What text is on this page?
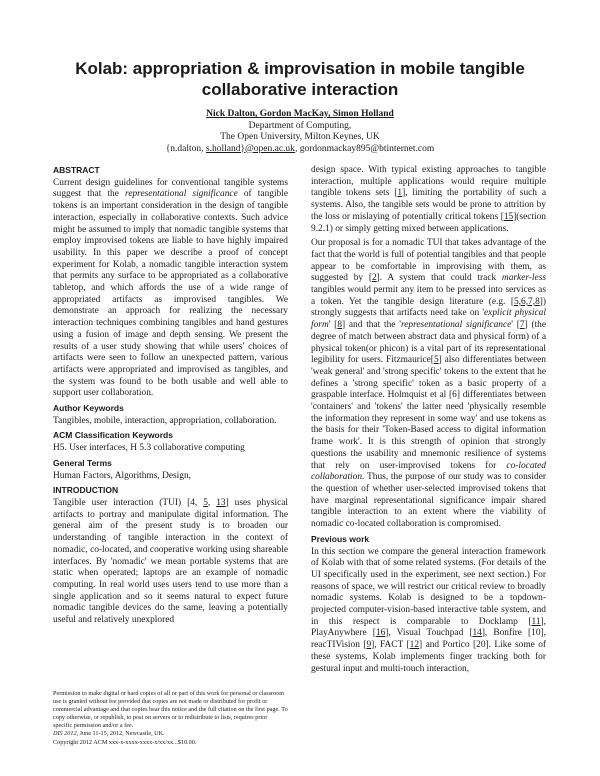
Kolab: appropriation & improvisation in mobile tangible collaborative interaction
Nick Dalton, Gordon MacKay, Simon Holland
Department of Computing,
The Open University, Milton Keynes, UK
{n.dalton, s.holland}@open.ac.uk, gordonmackay895@btinternet.com
ABSTRACT

Current design guidelines for conventional tangible systems suggest that the representational significance of tangible tokens is an important consideration in the design of tangible interaction, especially in collaborative contexts. Such advice might be assumed to imply that nomadic tangible systems that employ improvised tokens are liable to have highly impaired usability. In this paper we describe a proof of concept experiment for Kolab, a nomadic tangible interaction system that permits any surface to be appropriated as a collaborative tabletop, and which affords the use of a wide range of appropriated artifacts as improvised tangibles. We demonstrate an approach for realizing the necessary interaction techniques combining tangibles and hand gestures using a fusion of image and depth sensing. We present the results of a user study showing that while users' choices of artifacts were seen to follow an unexpected pattern, various artifacts were appropriated and improvised as tangibles, and the system was found to be both usable and well able to support user collaboration.

Author Keywords

Tangibles, mobile, interaction, appropriation, collaboration.

ACM Classification Keywords

H5. User interfaces, H 5.3 collaborative computing

General Terms

Human Factors, Algorithms, Design,

INTRODUCTION

Tangible user interaction (TUI) [4, 5, 13] uses physical artifacts to portray and manipulate digital information. The general aim of the present study is to broaden our understanding of tangible interaction in the context of nomadic, co-located, and cooperative working using shareable interfaces. By 'nomadic' we mean portable systems that are static when operated; laptops are an example of nomadic computing. In real world uses users tend to use more than a single application and so it seems natural to expect future nomadic tangible devices do the same, leaving a potentially useful and relatively unexplored

Permission to make digital or hard copies of all or part of this work for personal or classroom use is granted without fee provided that copies are not made or distributed for profit or commercial advantage and that copies bear this notice and the full citation on the first page. To copy otherwise, or republish, to post on servers or to redistribute to lists, requires prior specific permission and/or a fee.

DIS 2012, June 11-15, 2012, Newcastle, UK.

Copyright 2012 ACM xxx-x-xxxx-xxxx-x/xx/xx...$10.00.

design space. With typical existing approaches to tangible interaction, multiple applications would require multiple tangible tokens sets [1], limiting the portability of such a systems. Also, the tangible sets would be prone to attrition by the loss or mislaying of potentially critical tokens [15](section 9.2.1) or simply getting mixed between applications.

Our proposal is for a nomadic TUI that takes advantage of the fact that the world is full of potential tangibles and that people appear to be comfortable in improvising with them, as suggested by [2]. A system that could track marker-less tangibles would permit any item to be pressed into services as a token. Yet the tangible design literature (e.g. [5,6,7,8]) strongly suggests that artifacts need take on 'explicit physical form' [8] and that the 'representational significance' [7] (the degree of match between abstract data and physical form) of a physical token(or phicon) is a vital part of its representational legibility for users. Fitzmaurice[5] also differentiates between 'weak general' and 'strong specific' tokens to the extent that he defines a 'strong specific' token as a basic property of a graspable interface. Holmquist et al [6] differentiates between 'containers' and 'tokens' the latter need 'physically resemble the information they represent in some way' and use tokens as the basis for their 'Token-Based access to digital information frame work'. It is this strength of opinion that strongly questions the usability and mnemonic resilience of systems that rely on user-improvised tokens for co-located collaboration. Thus, the purpose of our study was to consider the question of whether user-selected improvised tokens that have marginal representational significance impair shared tangible interaction to an extent where the viability of nomadic co-located collaboration is compromised.

Previous work

In this section we compare the general interaction framework of Kolab with that of some related systems. (For details of the UI specifically used in the experiment, see next section.) For reasons of space, we will restrict our critical review to broadly nomadic systems. Kolab is designed to be a topdown-projected computer-vision-based interactive table system, and in this respect is comparable to Docklamp [11], PlayAnywhere [16], Visual Touchpad [14], Bonfire [10], reacTIVision [9], FACT [12] and Portico [20]. Like some of these systems, Kolab implements finger tracking both for gestural input and multi-touch interaction,
